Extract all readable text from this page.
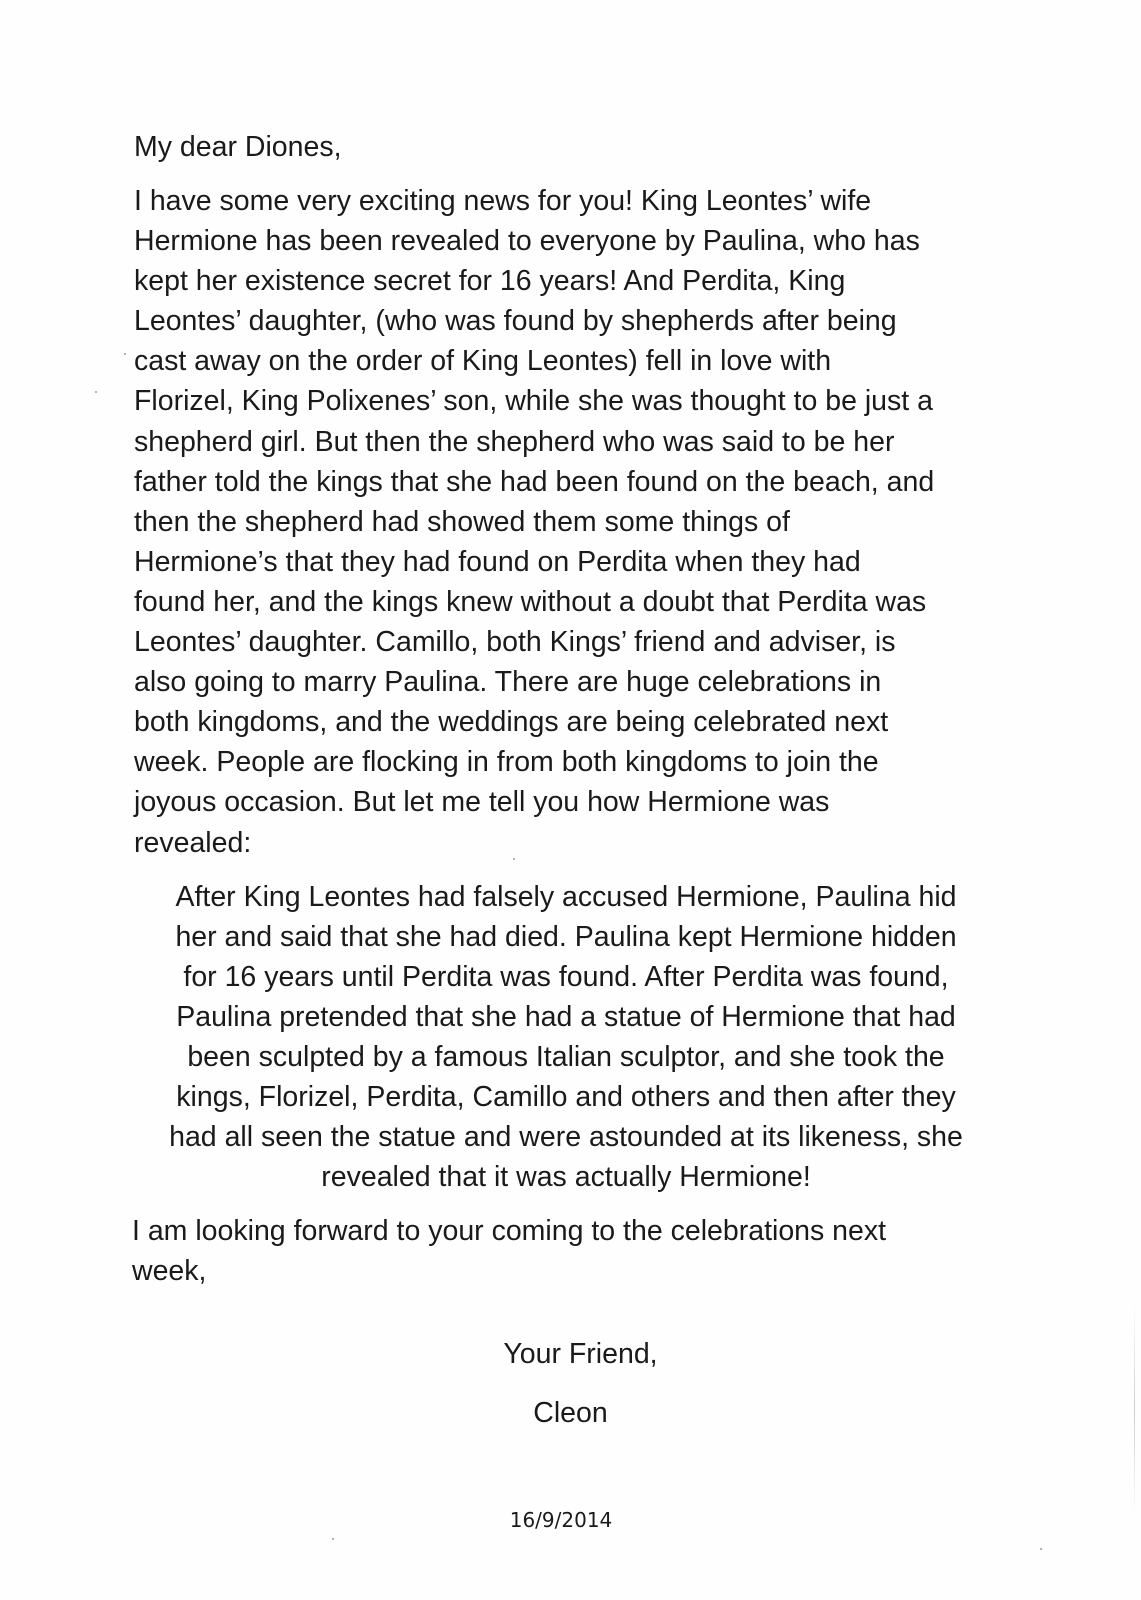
My dear Diones,

I have some very exciting news for you! King Leontes’ wife
Hermione has been revealed to everyone by Paulina, who has
kept her existence secret for 16 years! And Perdita, King
Leontes’ daughter, (who was found by shepherds after being
cast away on the order of King Leontes) fell in love with
Florizel, King Polixenes’ son, while she was thought to be just a
shepherd girl. But then the shepherd who was said to be her
father told the kings that she had been found on the beach, and
then the shepherd had showed them some things of
Hermione’s that they had found on Perdita when they had
found her, and the kings knew without a doubt that Perdita was
Leontes’ daughter. Camillo, both Kings’ friend and adviser, is
also going to marry Paulina. There are huge celebrations in
both kingdoms, and the weddings are being celebrated next
week. People are flocking in from both kingdoms to join the
joyous occasion. But let me tell you how Hermione was
revealed:

After King Leontes had falsely accused Hermione, Paulina hid
her and said that she had died. Paulina kept Hermione hidden
for 16 years until Perdita was found. After Perdita was found,
Paulina pretended that she had a statue of Hermione that had
been sculpted by a famous Italian sculptor, and she took the
kings, Florizel, Perdita, Camillo and others and then after they
had all seen the statue and were astounded at its likeness, she
revealed that it was actually Hermione!

I am looking forward to your coming to the celebrations next
week,

Your Friend,

Cleon

16/9/2014
